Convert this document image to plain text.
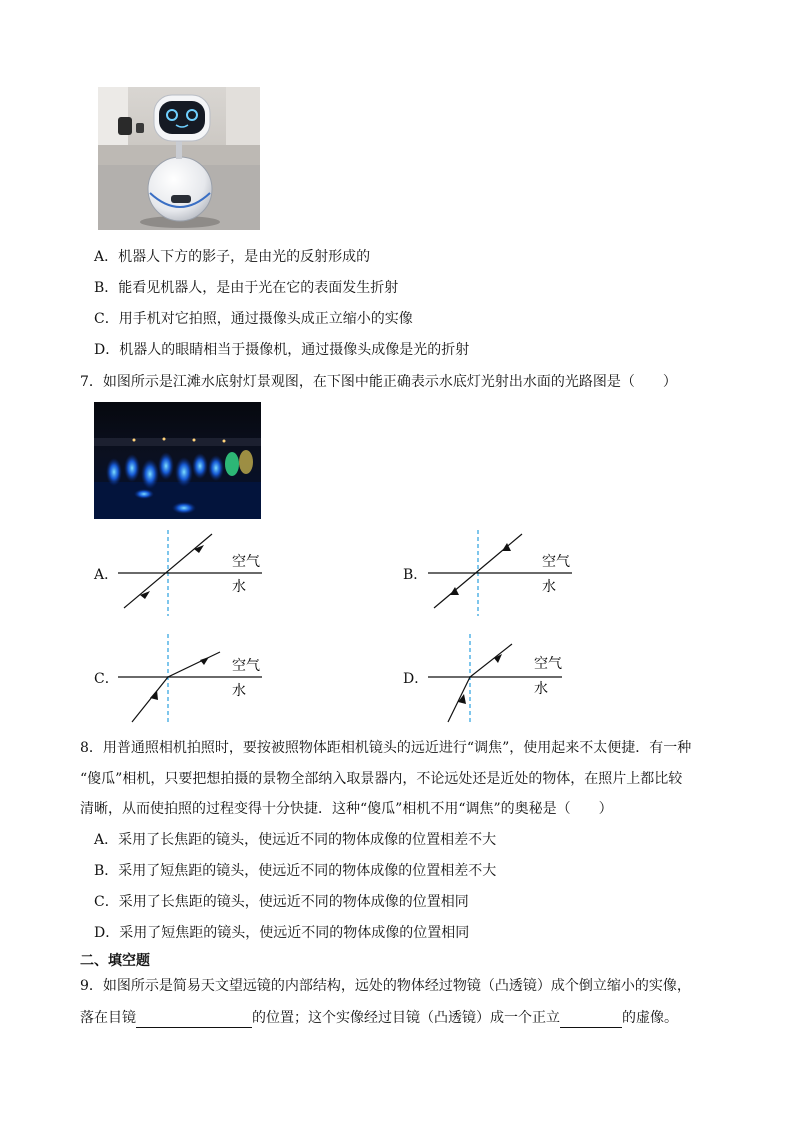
A．机器人下方的影子，是由光的反射形成的
B．能看见机器人，是由于光在它的表面发生折射
C．用手机对它拍照，通过摄像头成正立缩小的实像
D．机器人的眼睛相当于摄像机，通过摄像头成像是光的折射
7．如图所示是江滩水底射灯景观图，在下图中能正确表示水底灯光射出水面的光路图是（　　）
A．
空气
水
B．
空气
水
C．
空气
水
D．
空气
水
8．用普通照相机拍照时，要按被照物体距相机镜头的远近进行“调焦”，使用起来不太便捷．有一种
“傻瓜”相机，只要把想拍摄的景物全部纳入取景器内，不论远处还是近处的物体，在照片上都比较
清晰，从而使拍照的过程变得十分快捷．这种“傻瓜”相机不用“调焦”的奥秘是（　　）
A．采用了长焦距的镜头，使远近不同的物体成像的位置相差不大
B．采用了短焦距的镜头，使远近不同的物体成像的位置相差不大
C．采用了长焦距的镜头，使远近不同的物体成像的位置相同
D．采用了短焦距的镜头，使远近不同的物体成像的位置相同
二、填空题
9．如图所示是简易天文望远镜的内部结构，远处的物体经过物镜（凸透镜）成个倒立缩小的实像，
落在目镜	的位置；这个实像经过目镜（凸透镜）成一个正立	的虚像。
